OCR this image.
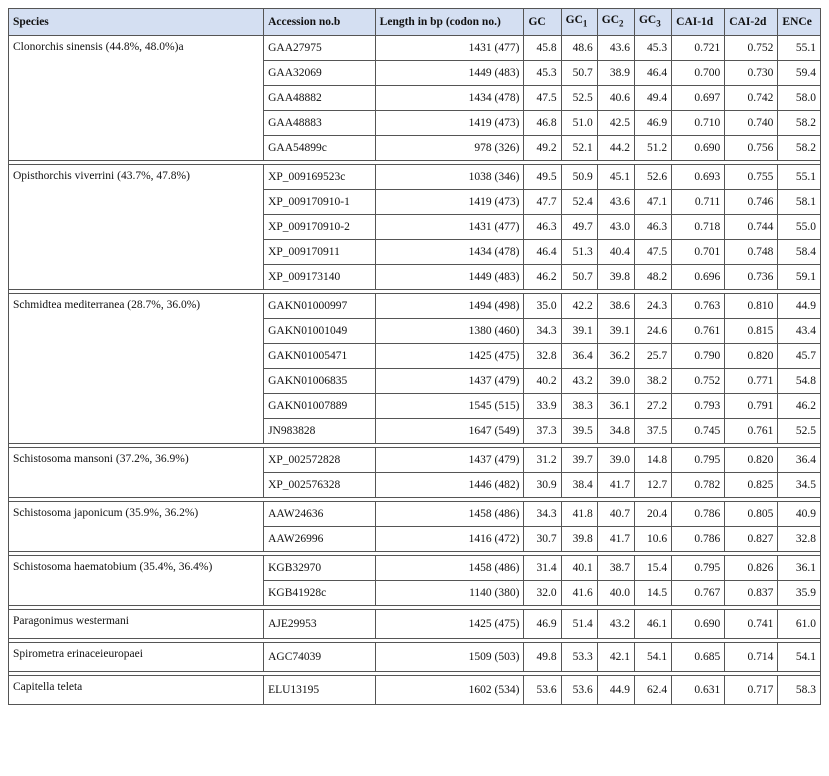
Species	Accession no.b	Length in bp (codon no.)	GC	$GC_1$	$GC_2$	$GC_3$	CAI-1d	CAI-2d	ENCe
Clonorchis sinensis (44.8%, 48.0%)a	GAA27975	1431 (477)	45.8	48.6	43.6	45.3	0.721	0.752	55.1
	GAA32069	1449 (483)	45.3	50.7	38.9	46.4	0.700	0.730	59.4
	GAA48882	1434 (478)	47.5	52.5	40.6	49.4	0.697	0.742	58.0
	GAA48883	1419 (473)	46.8	51.0	42.5	46.9	0.710	0.740	58.2
	GAA54899c	978 (326)	49.2	52.1	44.2	51.2	0.690	0.756	58.2

Opisthorchis viverrini (43.7%, 47.8%)	XP_009169523c	1038 (346)	49.5	50.9	45.1	52.6	0.693	0.755	55.1
	XP_009170910-1	1419 (473)	47.7	52.4	43.6	47.1	0.711	0.746	58.1
	XP_009170910-2	1431 (477)	46.3	49.7	43.0	46.3	0.718	0.744	55.0
	XP_009170911	1434 (478)	46.4	51.3	40.4	47.5	0.701	0.748	58.4
	XP_009173140	1449 (483)	46.2	50.7	39.8	48.2	0.696	0.736	59.1

Schmidtea mediterranea (28.7%, 36.0%)	GAKN01000997	1494 (498)	35.0	42.2	38.6	24.3	0.763	0.810	44.9
	GAKN01001049	1380 (460)	34.3	39.1	39.1	24.6	0.761	0.815	43.4
	GAKN01005471	1425 (475)	32.8	36.4	36.2	25.7	0.790	0.820	45.7
	GAKN01006835	1437 (479)	40.2	43.2	39.0	38.2	0.752	0.771	54.8
	GAKN01007889	1545 (515)	33.9	38.3	36.1	27.2	0.793	0.791	46.2
	JN983828	1647 (549)	37.3	39.5	34.8	37.5	0.745	0.761	52.5

Schistosoma mansoni (37.2%, 36.9%)	XP_002572828	1437 (479)	31.2	39.7	39.0	14.8	0.795	0.820	36.4
	XP_002576328	1446 (482)	30.9	38.4	41.7	12.7	0.782	0.825	34.5

Schistosoma japonicum (35.9%, 36.2%)	AAW24636	1458 (486)	34.3	41.8	40.7	20.4	0.786	0.805	40.9
	AAW26996	1416 (472)	30.7	39.8	41.7	10.6	0.786	0.827	32.8

Schistosoma haematobium (35.4%, 36.4%)	KGB32970	1458 (486)	31.4	40.1	38.7	15.4	0.795	0.826	36.1
	KGB41928c	1140 (380)	32.0	41.6	40.0	14.5	0.767	0.837	35.9

Paragonimus westermani	AJE29953	1425 (475)	46.9	51.4	43.2	46.1	0.690	0.741	61.0

Spirometra erinaceieuropaei	AGC74039	1509 (503)	49.8	53.3	42.1	54.1	0.685	0.714	54.1

Capitella teleta	ELU13195	1602 (534)	53.6	53.6	44.9	62.4	0.631	0.717	58.3
